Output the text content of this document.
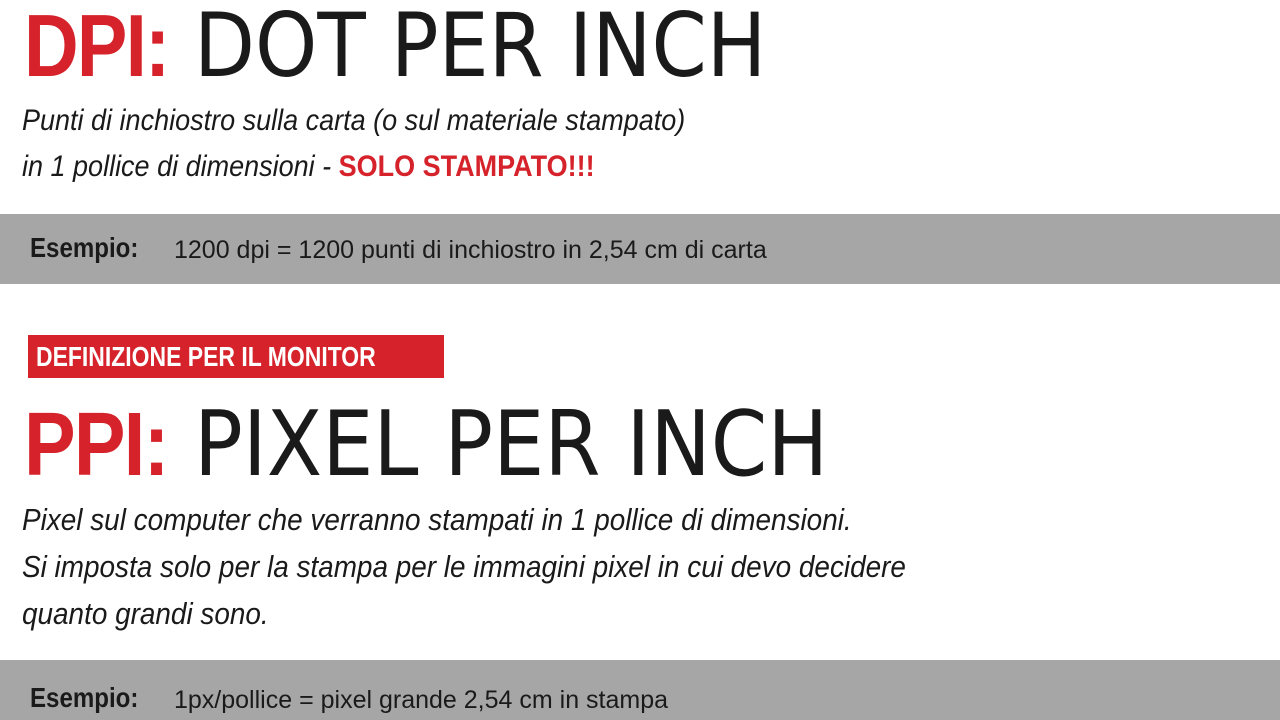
DPI: DOT PER INCH
Punti di inchiostro sulla carta (o sul materiale stampato)
in 1 pollice di dimensioni - SOLO STAMPATO!!!
Esempio: 1200 dpi = 1200 punti di inchiostro in 2,54 cm di carta
DEFINIZIONE PER IL MONITOR
PPI: PIXEL PER INCH
Pixel sul computer che verranno stampati in 1 pollice di dimensioni.
Si imposta solo per la stampa per le immagini pixel in cui devo decidere
quanto grandi sono.
Esempio: 1px/pollice = pixel grande 2,54 cm in stampa
